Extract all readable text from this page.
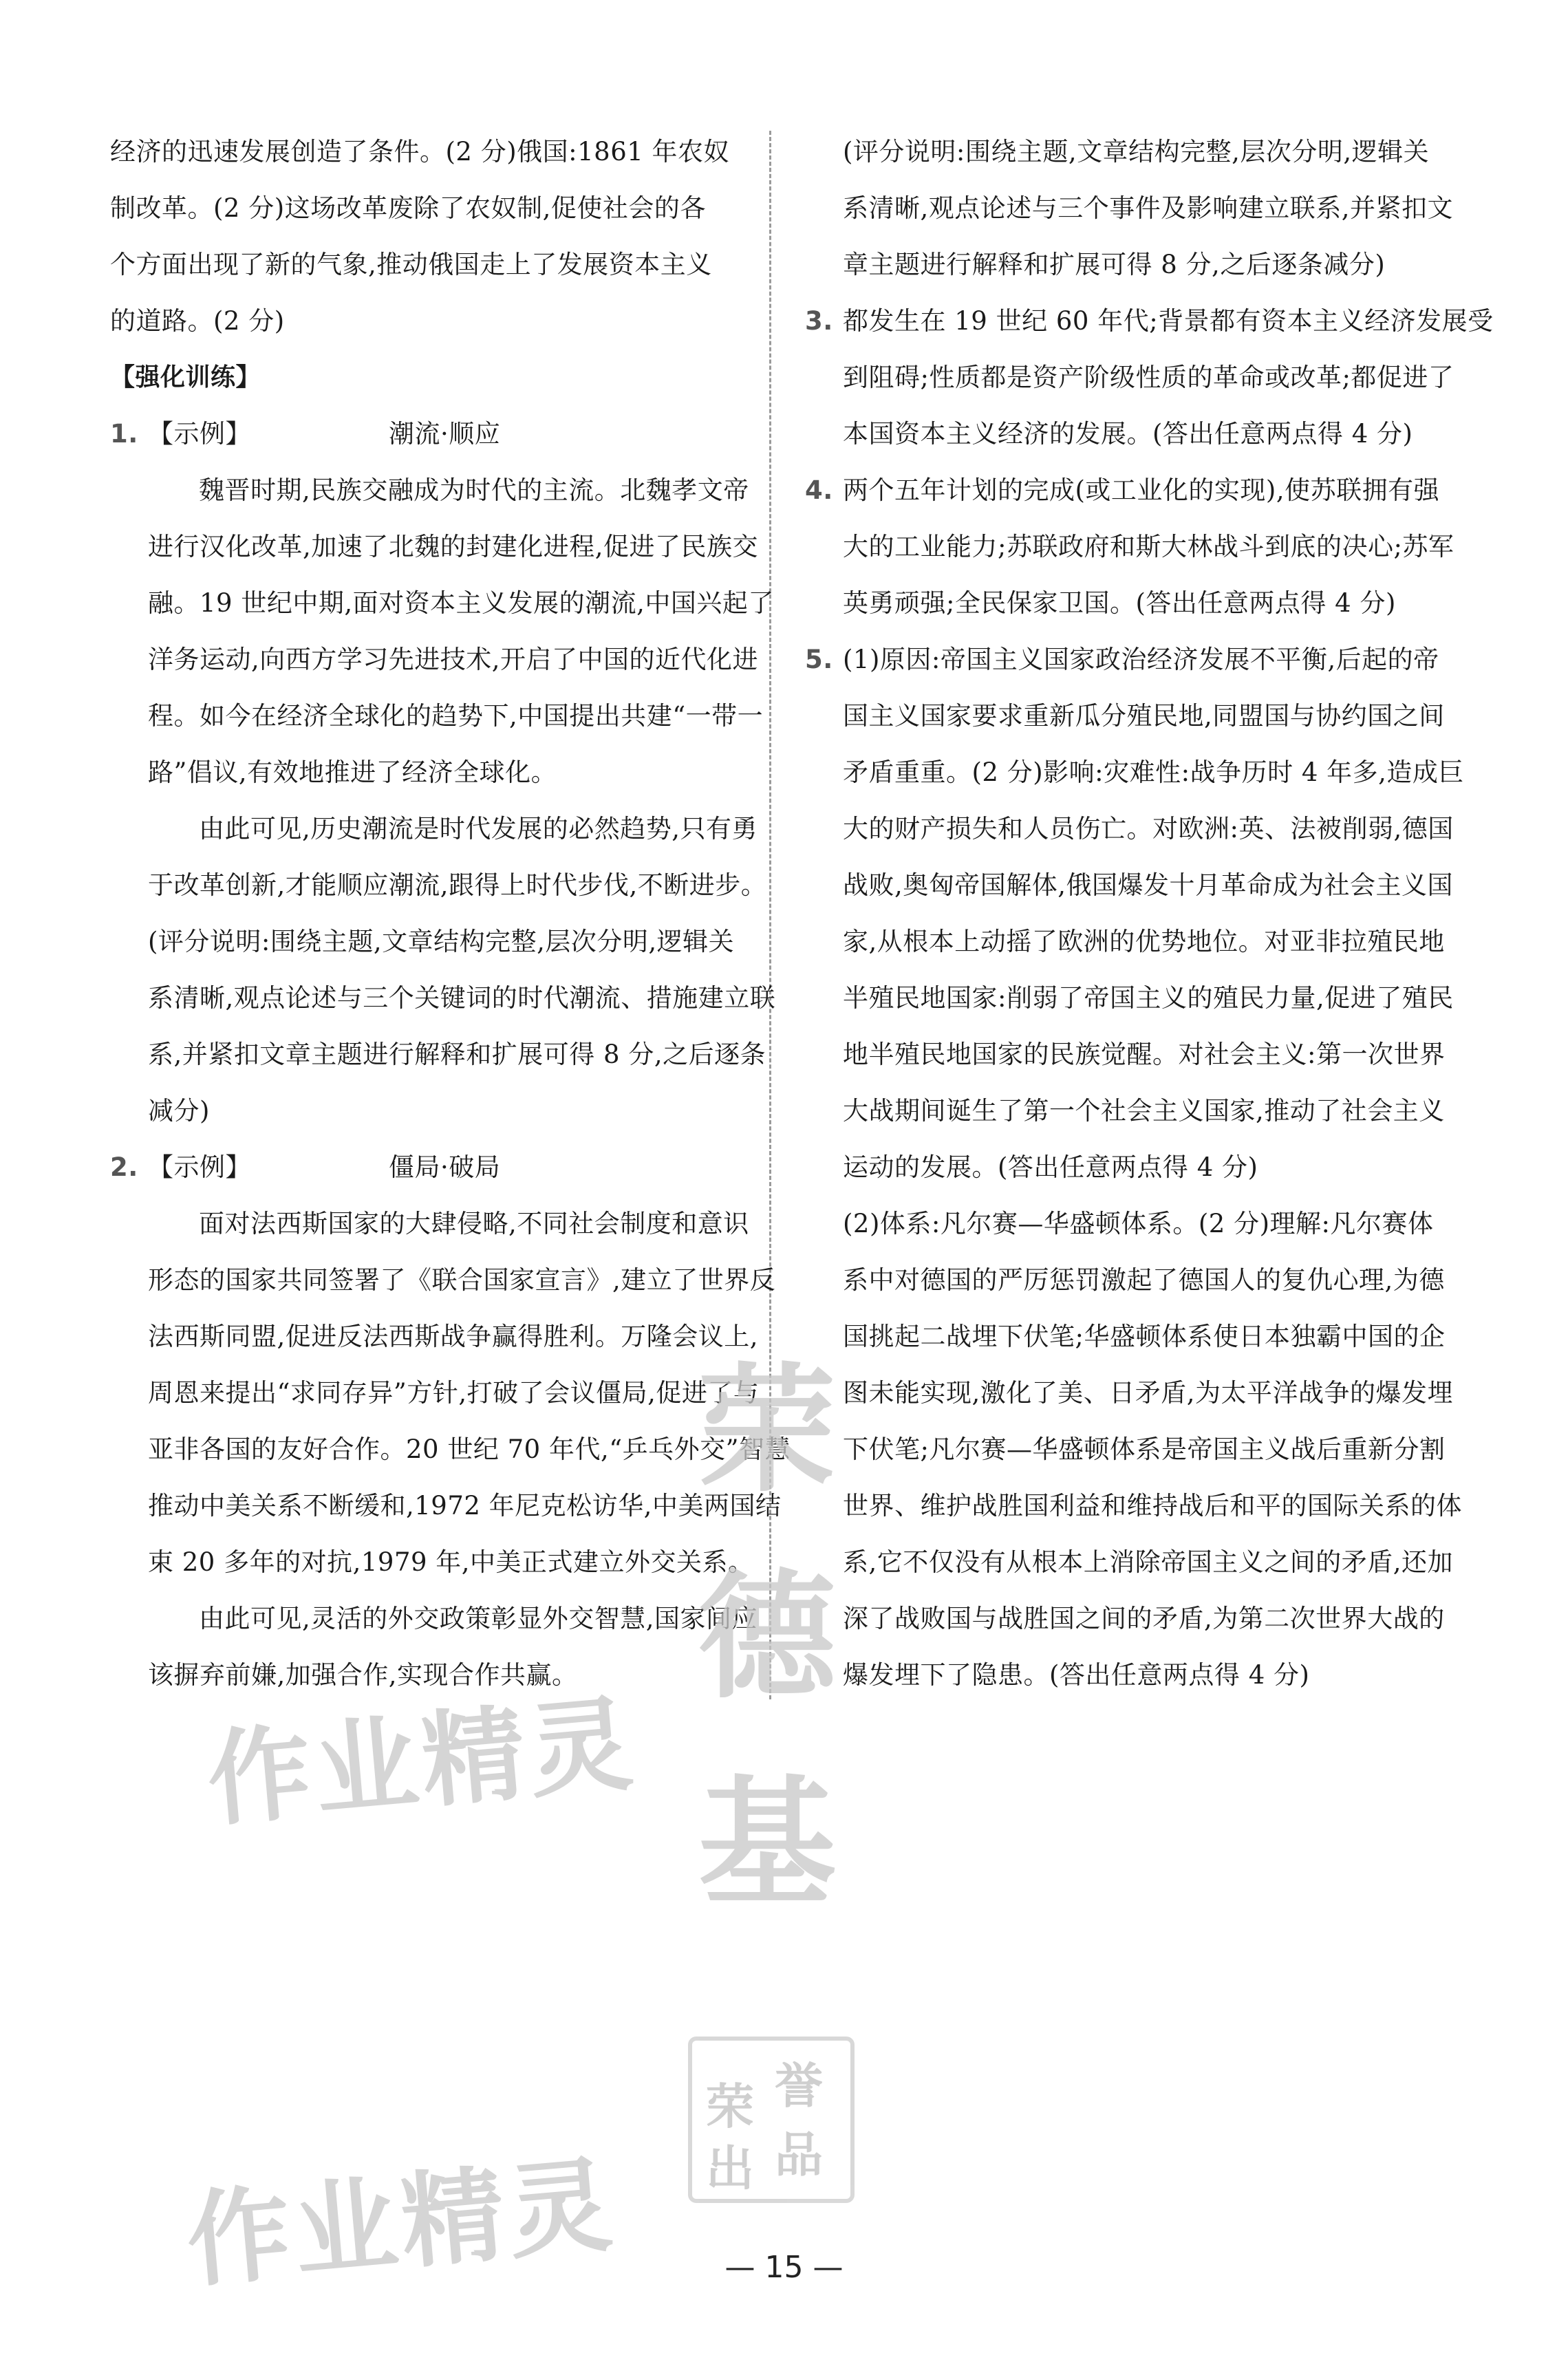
经济的迅速发展创造了条件。(2 分)俄国:1861 年农奴
制改革。(2 分)这场改革废除了农奴制,促使社会的各
个方面出现了新的气象,推动俄国走上了发展资本主义
的道路。(2 分)
【强化训练】
1. 【示例】	潮流·顺应
魏晋时期,民族交融成为时代的主流。北魏孝文帝
进行汉化改革,加速了北魏的封建化进程,促进了民族交
融。19 世纪中期,面对资本主义发展的潮流,中国兴起了
洋务运动,向西方学习先进技术,开启了中国的近代化进
程。如今在经济全球化的趋势下,中国提出共建“一带一
路”倡议,有效地推进了经济全球化。
由此可见,历史潮流是时代发展的必然趋势,只有勇
于改革创新,才能顺应潮流,跟得上时代步伐,不断进步。
(评分说明:围绕主题,文章结构完整,层次分明,逻辑关
系清晰,观点论述与三个关键词的时代潮流、措施建立联
系,并紧扣文章主题进行解释和扩展可得 8 分,之后逐条
减分)
2. 【示例】	僵局·破局
面对法西斯国家的大肆侵略,不同社会制度和意识
形态的国家共同签署了《联合国家宣言》,建立了世界反
法西斯同盟,促进反法西斯战争赢得胜利。万隆会议上,
周恩来提出“求同存异”方针,打破了会议僵局,促进了与
亚非各国的友好合作。20 世纪 70 年代,“乒乓外交”智慧
推动中美关系不断缓和,1972 年尼克松访华,中美两国结
束 20 多年的对抗,1979 年,中美正式建立外交关系。
由此可见,灵活的外交政策彰显外交智慧,国家间应
该摒弃前嫌,加强合作,实现合作共赢。
(评分说明:围绕主题,文章结构完整,层次分明,逻辑关
系清晰,观点论述与三个事件及影响建立联系,并紧扣文
章主题进行解释和扩展可得 8 分,之后逐条减分)
3. 都发生在 19 世纪 60 年代;背景都有资本主义经济发展受
到阻碍;性质都是资产阶级性质的革命或改革;都促进了
本国资本主义经济的发展。(答出任意两点得 4 分)
4. 两个五年计划的完成(或工业化的实现),使苏联拥有强
大的工业能力;苏联政府和斯大林战斗到底的决心;苏军
英勇顽强;全民保家卫国。(答出任意两点得 4 分)
5. (1)原因:帝国主义国家政治经济发展不平衡,后起的帝
国主义国家要求重新瓜分殖民地,同盟国与协约国之间
矛盾重重。(2 分)影响:灾难性:战争历时 4 年多,造成巨
大的财产损失和人员伤亡。对欧洲:英、法被削弱,德国
战败,奥匈帝国解体,俄国爆发十月革命成为社会主义国
家,从根本上动摇了欧洲的优势地位。对亚非拉殖民地
半殖民地国家:削弱了帝国主义的殖民力量,促进了殖民
地半殖民地国家的民族觉醒。对社会主义:第一次世界
大战期间诞生了第一个社会主义国家,推动了社会主义
运动的发展。(答出任意两点得 4 分)
(2)体系:凡尔赛—华盛顿体系。(2 分)理解:凡尔赛体
系中对德国的严厉惩罚激起了德国人的复仇心理,为德
国挑起二战埋下伏笔;华盛顿体系使日本独霸中国的企
图未能实现,激化了美、日矛盾,为太平洋战争的爆发埋
下伏笔;凡尔赛—华盛顿体系是帝国主义战后重新分割
世界、维护战胜国利益和维持战后和平的国际关系的体
系,它不仅没有从根本上消除帝国主义之间的矛盾,还加
深了战败国与战胜国之间的矛盾,为第二次世界大战的
爆发埋下了隐患。(答出任意两点得 4 分)
荣
德
基
作业精灵
作业精灵
荣 誉
出 品
— 15 —
